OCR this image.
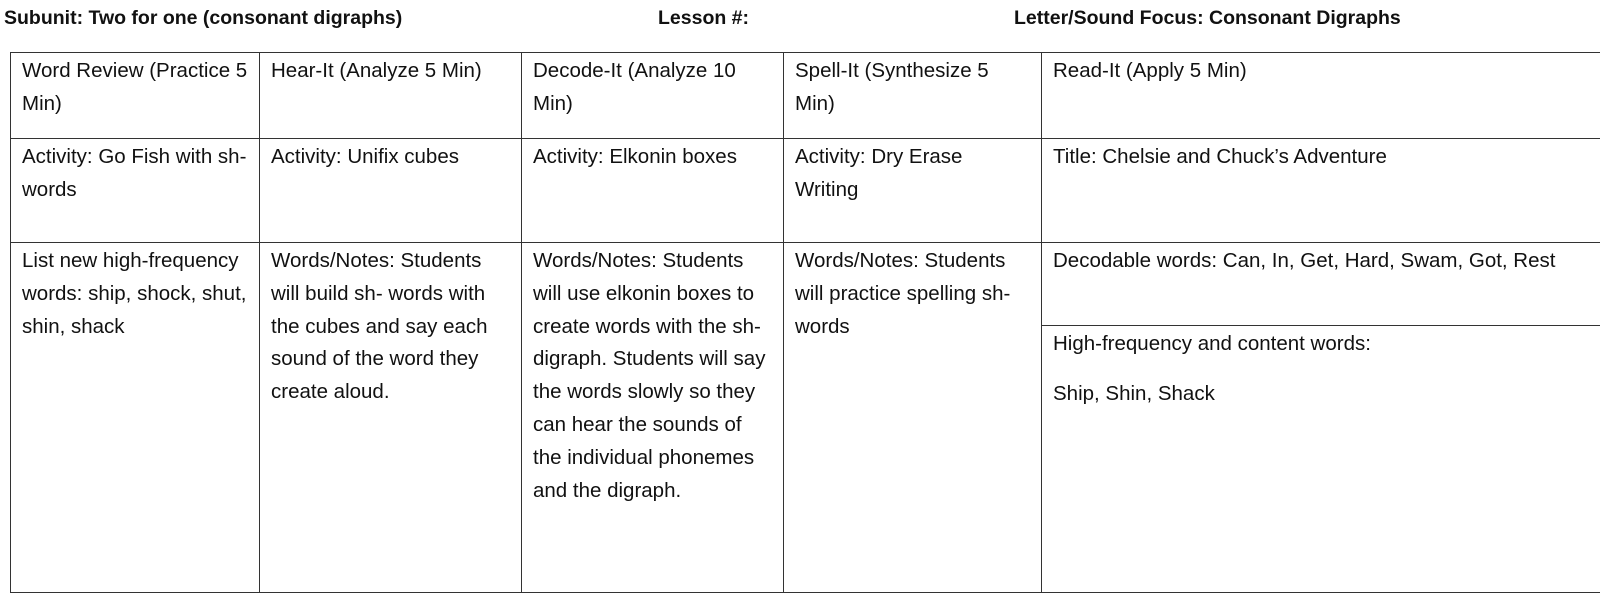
Subunit: Two for one (consonant digraphs)	Lesson #:	Letter/Sound Focus: Consonant Digraphs
Word Review (Practice 5 Min)	Hear-It (Analyze 5 Min)	Decode-It (Analyze 10 Min)	Spell-It (Synthesize 5 Min)	Read-It (Apply 5 Min)
Activity: Go Fish with sh- words	Activity: Unifix cubes	Activity: Elkonin boxes	Activity: Dry Erase Writing	Title: Chelsie and Chuck’s Adventure
List new high-frequency words: ship, shock, shut, shin, shack	Words/Notes: Students will build sh- words with the cubes and say each sound of the word they create aloud.	Words/Notes: Students will use elkonin boxes to create words with the sh- digraph. Students will say the words slowly so they can hear the sounds of the individual phonemes and the digraph.	Words/Notes: Students will practice spelling sh- words	Decodable words: Can, In, Get, Hard, Swam, Got, Rest

High-frequency and content words:

Ship, Shin, Shack
